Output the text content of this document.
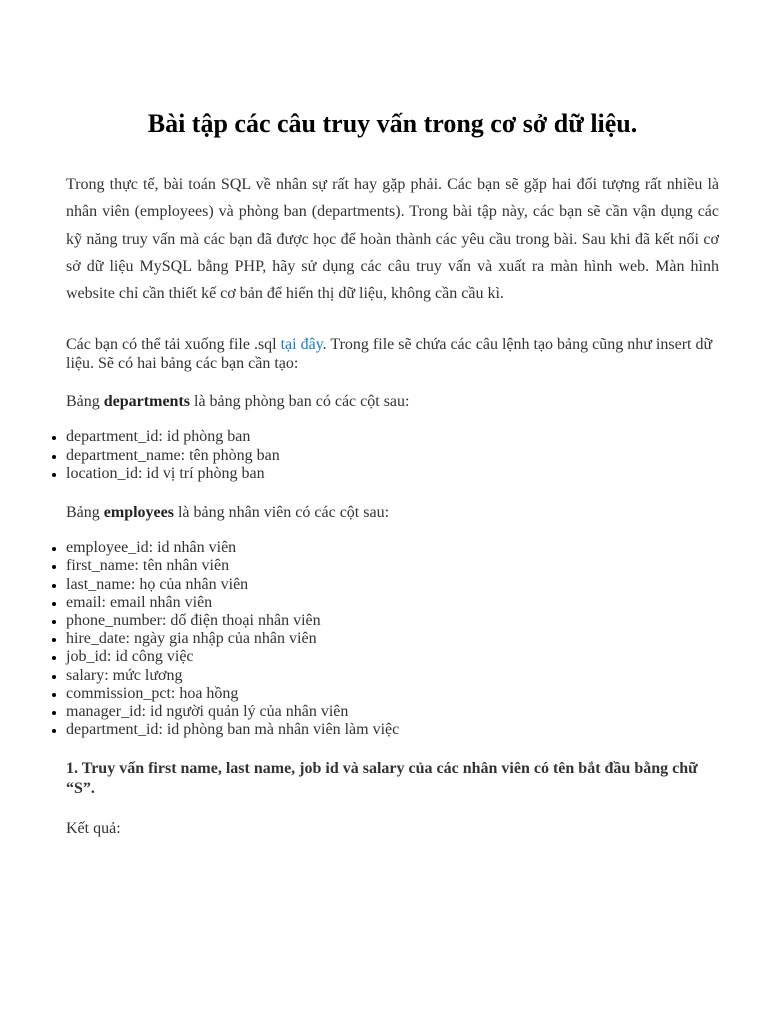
Bài tập các câu truy vấn trong cơ sở dữ liệu.

Trong thực tế, bài toán SQL về nhân sự rất hay gặp phải. Các bạn sẽ gặp hai đối tượng rất nhiều là nhân viên (employees) và phòng ban (departments). Trong bài tập này, các bạn sẽ cần vận dụng các kỹ năng truy vấn mà các bạn đã được học để hoàn thành các yêu cầu trong bài. Sau khi đã kết nối cơ sở dữ liệu MySQL bằng PHP, hãy sử dụng các câu truy vấn và xuất ra màn hình web. Màn hình website chỉ cần thiết kế cơ bản để hiển thị dữ liệu, không cần cầu kì.

Các bạn có thể tải xuống file .sql tại đây. Trong file sẽ chứa các câu lệnh tạo bảng cũng như insert dữ liệu. Sẽ có hai bảng các bạn cần tạo:

Bảng departments là bảng phòng ban có các cột sau:

• department_id: id phòng ban
• department_name: tên phòng ban
• location_id: id vị trí phòng ban

Bảng employees là bảng nhân viên có các cột sau:

• employee_id: id nhân viên
• first_name: tên nhân viên
• last_name: họ của nhân viên
• email: email nhân viên
• phone_number: dố điện thoại nhân viên
• hire_date: ngày gia nhập của nhân viên
• job_id: id công việc
• salary: mức lương
• commission_pct: hoa hồng
• manager_id: id người quản lý của nhân viên
• department_id: id phòng ban mà nhân viên làm việc

1. Truy vấn first name, last name, job id và salary của các nhân viên có tên bắt đầu bằng chữ “S”.

Kết quả:
